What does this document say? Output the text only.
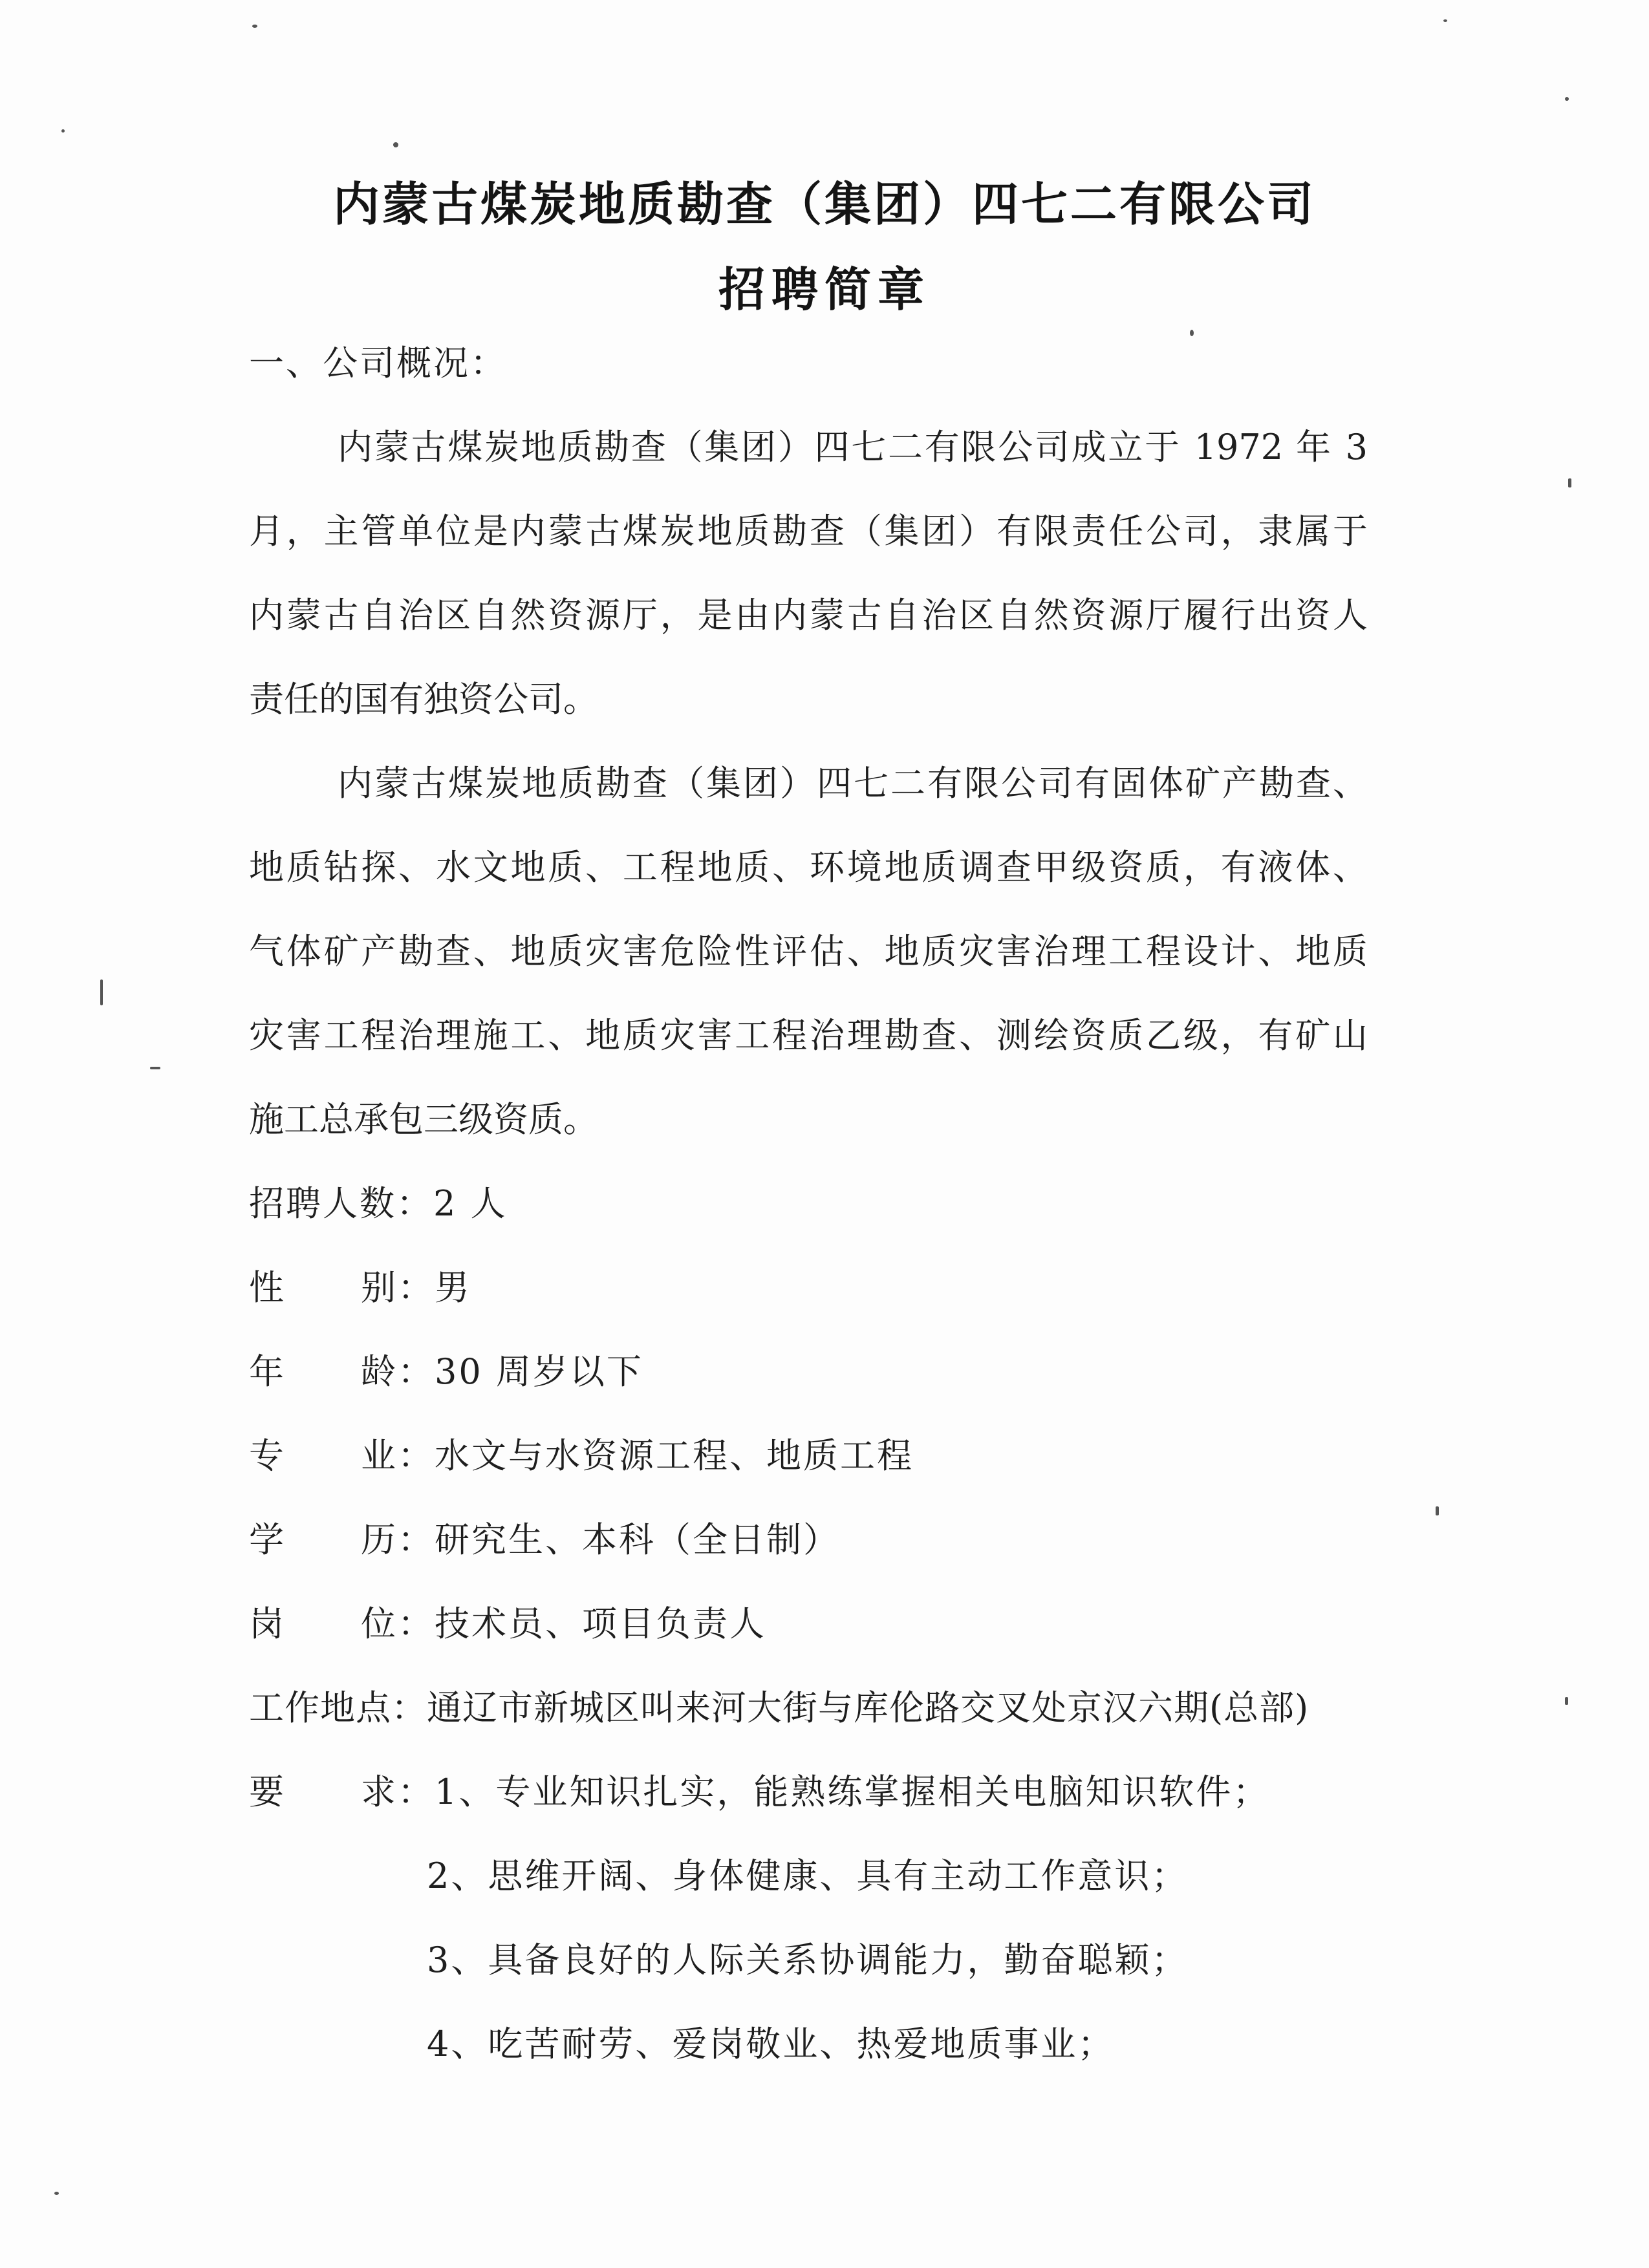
内蒙古煤炭地质勘查（集团）四七二有限公司
招聘简章
一、公司概况：
内蒙古煤炭地质勘查（集团）四七二有限公司成立于 1972 年 3
月，主管单位是内蒙古煤炭地质勘查（集团）有限责任公司，隶属于
内蒙古自治区自然资源厅，是由内蒙古自治区自然资源厅履行出资人
责任的国有独资公司。
内蒙古煤炭地质勘查（集团）四七二有限公司有固体矿产勘查、
地质钻探、水文地质、工程地质、环境地质调查甲级资质，有液体、
气体矿产勘查、地质灾害危险性评估、地质灾害治理工程设计、地质
灾害工程治理施工、地质灾害工程治理勘查、测绘资质乙级，有矿山
施工总承包三级资质。
招聘人数：2 人
性别：男
年龄：30 周岁以下
专业：水文与水资源工程、地质工程
学历：研究生、本科（全日制）
岗位：技术员、项目负责人
工作地点：通辽市新城区叫来河大街与库伦路交叉处京汉六期(总部)
要求：1、专业知识扎实，能熟练掌握相关电脑知识软件；
2、思维开阔、身体健康、具有主动工作意识；
3、具备良好的人际关系协调能力，勤奋聪颖；
4、吃苦耐劳、爱岗敬业、热爱地质事业；
